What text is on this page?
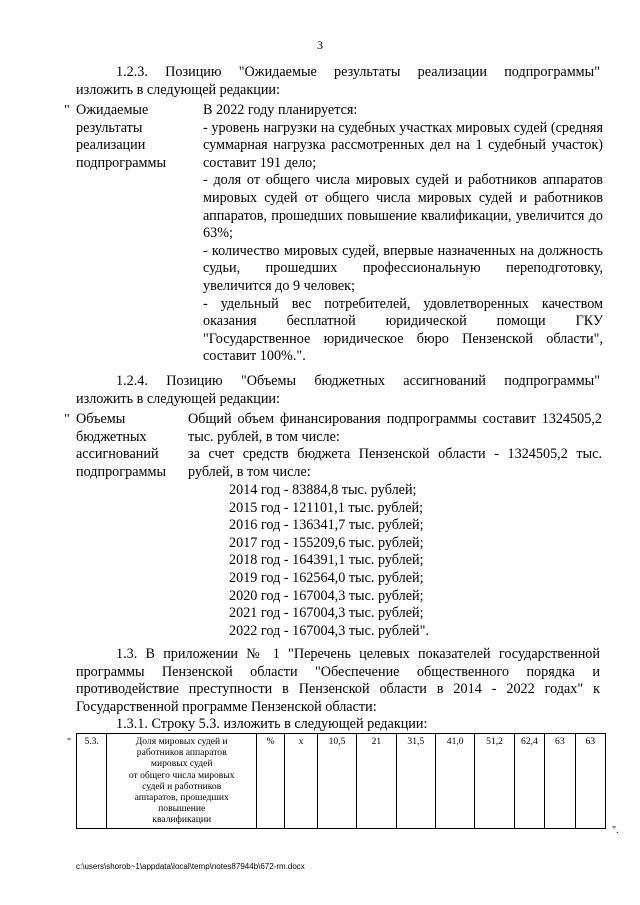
3
1.2.3. Позицию "Ожидаемые результаты реализации подпрограммы"
изложить в следующей редакции:
" Ожидаемые
результаты
реализации
подпрограммы
В 2022 году планируется:
- уровень нагрузки на судебных участках мировых судей (средняя суммарная нагрузка рассмотренных дел на 1 судебный участок) составит 191 дело;
- доля от общего числа мировых судей и работников аппаратов мировых судей от общего числа мировых судей и работников аппаратов, прошедших повышение квалификации, увеличится до 63%;
- количество мировых судей, впервые назначенных на должность судьи, прошедших профессиональную переподготовку, увеличится до 9 человек;
- удельный вес потребителей, удовлетворенных качеством оказания бесплатной юридической помощи ГКУ "Государственное юридическое бюро Пензенской области", составит 100%.".
1.2.4. Позицию "Объемы бюджетных ассигнований подпрограммы"
изложить в следующей редакции:
" Объемы
бюджетных
ассигнований
подпрограммы
Общий объем финансирования подпрограммы составит 1324505,2 тыс. рублей, в том числе:
за счет средств бюджета Пензенской области - 1324505,2 тыс. рублей, в том числе:
2014 год - 83884,8 тыс. рублей;
2015 год - 121101,1 тыс. рублей;
2016 год - 136341,7 тыс. рублей;
2017 год - 155209,6 тыс. рублей;
2018 год - 164391,1 тыс. рублей;
2019 год - 162564,0 тыс. рублей;
2020 год - 167004,3 тыс. рублей;
2021 год - 167004,3 тыс. рублей;
2022 год - 167004,3 тыс. рублей".
1.3. В приложении № 1 "Перечень целевых показателей государственной программы Пензенской области "Обеспечение общественного порядка и противодействие преступности в Пензенской области в 2014 - 2022 годах" к Государственной программе Пензенской области:
1.3.1. Строку 5.3. изложить в следующей редакции:
" 5.3.	Доля мировых судей и
работников аппаратов
мировых судей
от общего числа мировых
судей и работников
аппаратов, прошедших
повышение
квалификации
	%	x	10,5	21	31,5	41,0	51,2	62,4	63	63
".
c:\users\shorob~1\appdata\local\temp\notes87944b\672-rm.docx
